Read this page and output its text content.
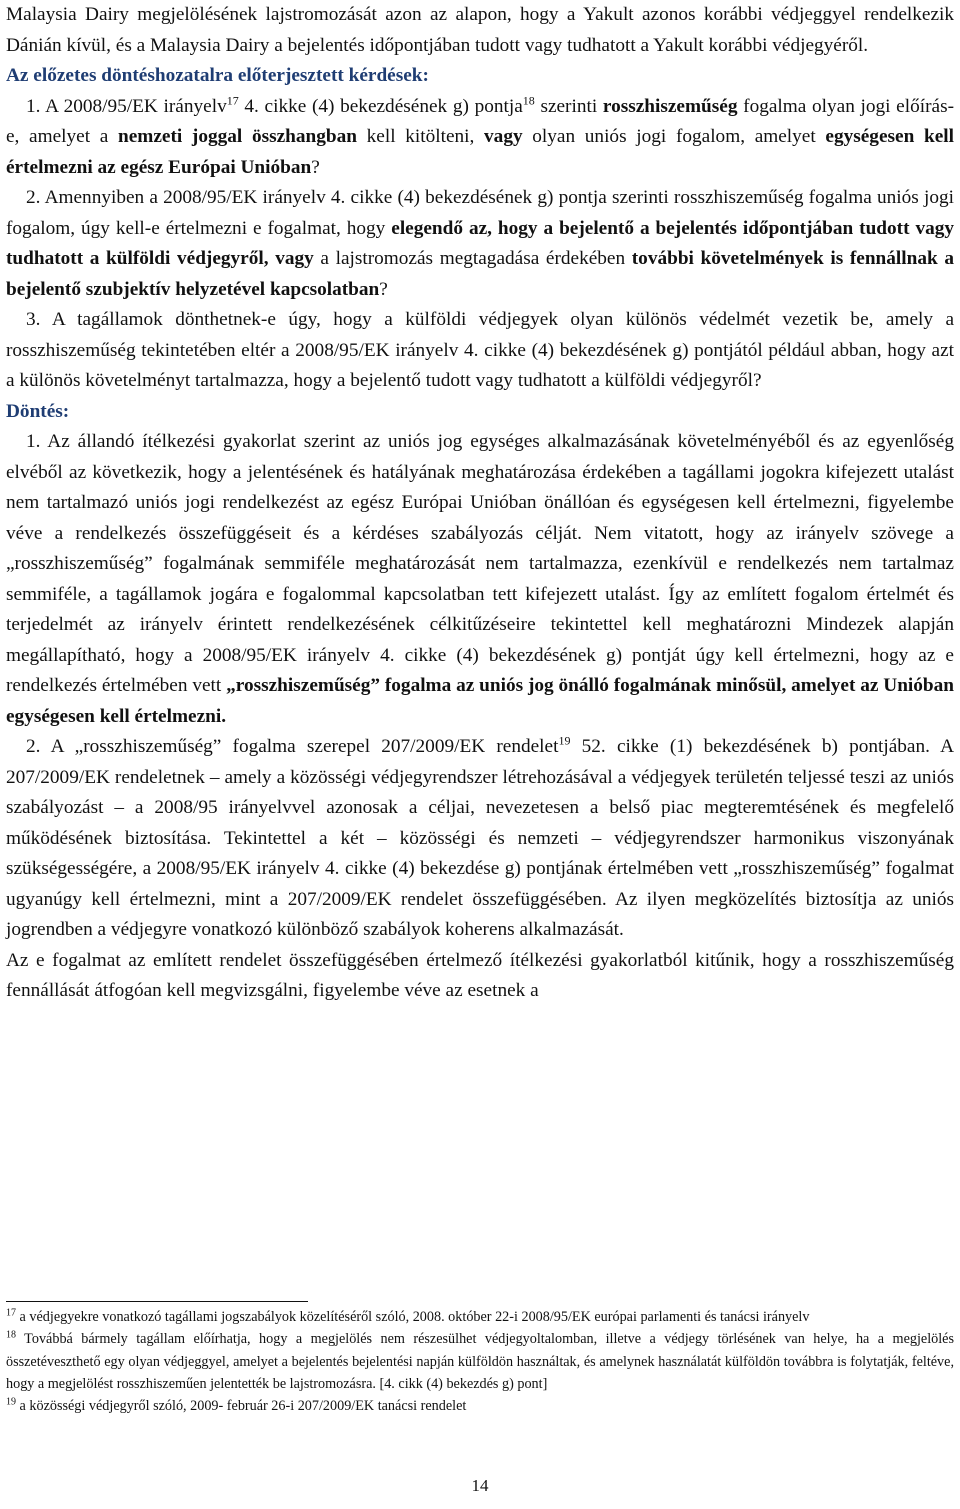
Malaysia Dairy megjelölésének lajstromozását azon az alapon, hogy a Yakult azonos korábbi védjeggyel rendelkezik Dánián kívül, és a Malaysia Dairy a bejelentés időpontjában tudott vagy tudhatott a Yakult korábbi védjegyéről.

Az előzetes döntéshozatalra előterjesztett kérdések:

1. A 2008/95/EK irányelv$^{17}$ 4. cikke (4) bekezdésének g) pontja$^{18}$ szerinti rosszhiszeműség fogalma olyan jogi előírás-e, amelyet a nemzeti joggal összhangban kell kitölteni, vagy olyan uniós jogi fogalom, amelyet egységesen kell értelmezni az egész Európai Unióban?

2. Amennyiben a 2008/95/EK irányelv 4. cikke (4) bekezdésének g) pontja szerinti rosszhiszeműség fogalma uniós jogi fogalom, úgy kell-e értelmezni e fogalmat, hogy elegendő az, hogy a bejelentő a bejelentés időpontjában tudott vagy tudhatott a külföldi védjegyről, vagy a lajstromozás megtagadása érdekében további követelmények is fennállnak a bejelentő szubjektív helyzetével kapcsolatban?

3. A tagállamok dönthetnek-e úgy, hogy a külföldi védjegyek olyan különös védelmét vezetik be, amely a rosszhiszeműség tekintetében eltér a 2008/95/EK irányelv 4. cikke (4) bekezdésének g) pontjától például abban, hogy azt a különös követelményt tartalmazza, hogy a bejelentő tudott vagy tudhatott a külföldi védjegyről?

Döntés:

1. Az állandó ítélkezési gyakorlat szerint az uniós jog egységes alkalmazásának követelményéből és az egyenlőség elvéből az következik, hogy a jelentésének és hatályának meghatározása érdekében a tagállami jogokra kifejezett utalást nem tartalmazó uniós jogi rendelkezést az egész Európai Unióban önállóan és egységesen kell értelmezni, figyelembe véve a rendelkezés összefüggéseit és a kérdéses szabályozás célját. Nem vitatott, hogy az irányelv szövege a „rosszhiszeműség” fogalmának semmiféle meghatározását nem tartalmazza, ezenkívül e rendelkezés nem tartalmaz semmiféle, a tagállamok jogára e fogalommal kapcsolatban tett kifejezett utalást. Így az említett fogalom értelmét és terjedelmét az irányelv érintett rendelkezésének célkitűzéseire tekintettel kell meghatározni Mindezek alapján megállapítható, hogy a 2008/95/EK irányelv 4. cikke (4) bekezdésének g) pontját úgy kell értelmezni, hogy az e rendelkezés értelmében vett „rosszhiszeműség” fogalma az uniós jog önálló fogalmának minősül, amelyet az Unióban egységesen kell értelmezni.

2. A „rosszhiszeműség” fogalma szerepel 207/2009/EK rendelet$^{19}$ 52. cikke (1) bekezdésének b) pontjában. A 207/2009/EK rendeletnek – amely a közösségi védjegyrendszer létrehozásával a védjegyek területén teljessé teszi az uniós szabályozást – a 2008/95 irányelvvel azonosak a céljai, nevezetesen a belső piac megteremtésének és megfelelő működésének biztosítása. Tekintettel a két – közösségi és nemzeti – védjegyrendszer harmonikus viszonyának szükségességére, a 2008/95/EK irányelv 4. cikke (4) bekezdése g) pontjának értelmében vett „rosszhiszeműség” fogalmat ugyanúgy kell értelmezni, mint a 207/2009/EK rendelet összefüggésében. Az ilyen megközelítés biztosítja az uniós jogrendben a védjegyre vonatkozó különböző szabályok koherens alkalmazását.

Az e fogalmat az említett rendelet összefüggésében értelmező ítélkezési gyakorlatból kitűnik, hogy a rosszhiszeműség fennállását átfogóan kell megvizsgálni, figyelembe véve az esetnek a

$^{17}$ a védjegyekre vonatkozó tagállami jogszabályok közelítéséről szóló, 2008. október 22-i 2008/95/EK európai parlamenti és tanácsi irányelv

$^{18}$ Továbbá bármely tagállam előírhatja, hogy a megjelölés nem részesülhet védjegyoltalomban, illetve a védjegy törlésének van helye, ha a megjelölés összetéveszthető egy olyan védjeggyel, amelyet a bejelentés bejelentési napján külföldön használtak, és amelynek használatát külföldön továbbra is folytatják, feltéve, hogy a megjelölést rosszhiszeműen jelentették be lajstromozásra. [4. cikk (4) bekezdés g) pont]

$^{19}$ a közösségi védjegyről szóló, 2009- február 26-i 207/2009/EK tanácsi rendelet

14
